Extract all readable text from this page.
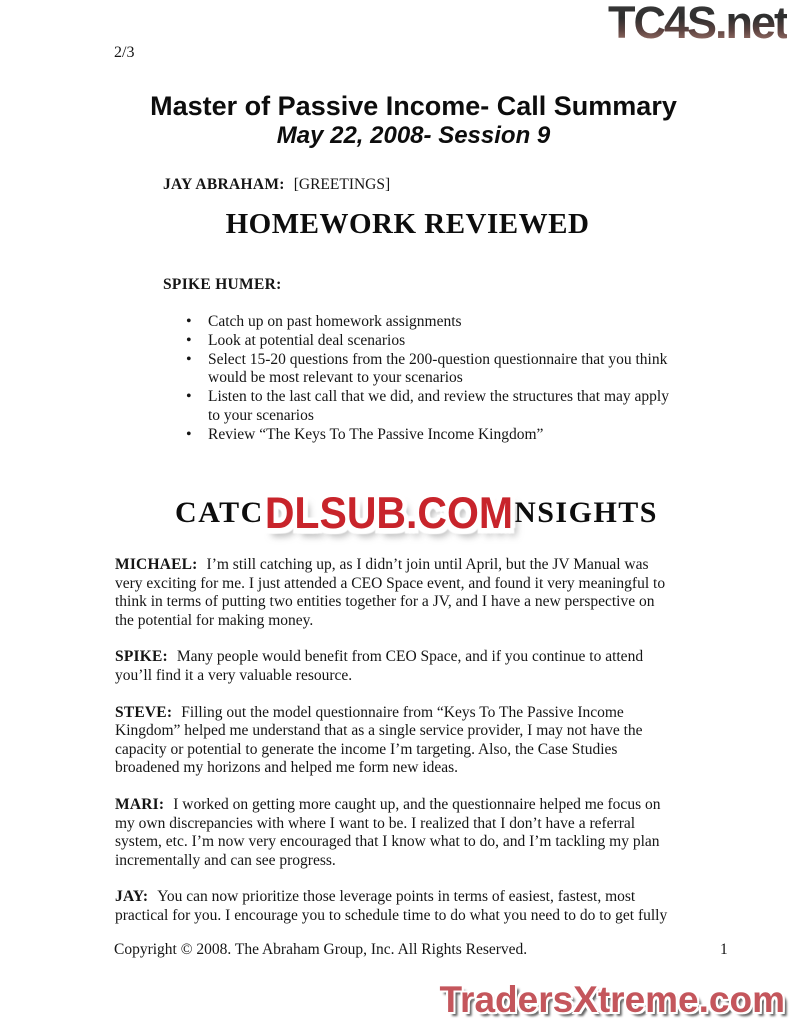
TC4S.net
2/3
Master of Passive Income- Call Summary
May 22, 2008- Session 9

JAY ABRAHAM: [GREETINGS]

HOMEWORK REVIEWED

SPIKE HUMER:

• Catch up on past homework assignments
• Look at potential deal scenarios
• Select 15-20 questions from the 200-question questionnaire that you think would be most relevant to your scenarios
• Listen to the last call that we did, and review the structures that may apply to your scenarios
• Review “The Keys To The Passive Income Kingdom”
CATC DLSUB.COM NSIGHTS

MICHAEL: I’m still catching up, as I didn’t join until April, but the JV Manual was very exciting for me. I just attended a CEO Space event, and found it very meaningful to think in terms of putting two entities together for a JV, and I have a new perspective on the potential for making money.

SPIKE: Many people would benefit from CEO Space, and if you continue to attend you’ll find it a very valuable resource.

STEVE: Filling out the model questionnaire from “Keys To The Passive Income Kingdom” helped me understand that as a single service provider, I may not have the capacity or potential to generate the income I’m targeting. Also, the Case Studies broadened my horizons and helped me form new ideas.

MARI: I worked on getting more caught up, and the questionnaire helped me focus on my own discrepancies with where I want to be. I realized that I don’t have a referral system, etc. I’m now very encouraged that I know what to do, and I’m tackling my plan incrementally and can see progress.

JAY: You can now prioritize those leverage points in terms of easiest, fastest, most practical for you. I encourage you to schedule time to do what you need to do to get fully

Copyright © 2008. The Abraham Group, Inc. All Rights Reserved.	1
TradersXtreme.com
